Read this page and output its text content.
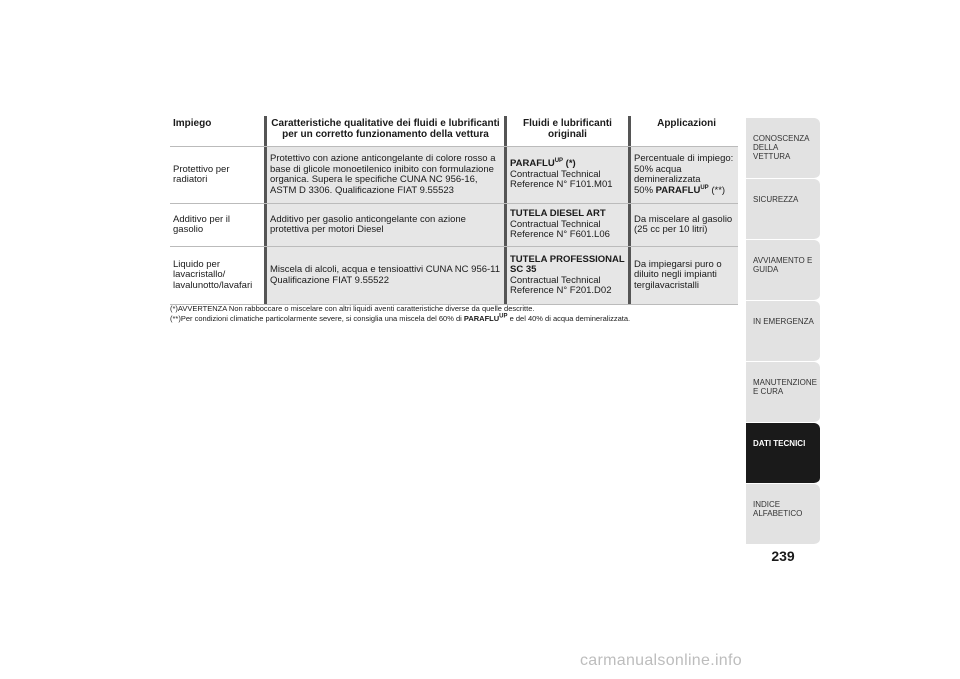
Impiego	Caratteristiche qualitative dei fluidi e lubrificanti per un corretto funzionamento della vettura
Fluidi e lubrificanti originali
Applicazioni
Protettivo per radiatori
Protettivo con azione anticongelante di colore rosso a base di glicole monoetilenico inibito con formulazione organica. Supera le specifiche CUNA NC 956-16, ASTM D 3306. Qualificazione FIAT 9.55523
$PARAFLU^{UP}$ (*)
Contractual Technical
Reference N° F101.M01
Percentuale di impiego:
50% acqua demineralizzata
50% $PARAFLU^{UP}$ (**)
Additivo per il gasolio
Additivo per gasolio anticongelante con azione protettiva per motori Diesel
TUTELA DIESEL ART
Contractual Technical
Reference N° F601.L06
Da miscelare al gasolio
(25 cc per 10 litri)
Liquido per lavacristallo/ lavalunotto/lavafari
Miscela di alcoli, acqua e tensioattivi CUNA NC 956-11 Qualificazione FIAT 9.55522
TUTELA PROFESSIONAL SC 35
Contractual Technical
Reference N° F201.D02
Da impiegarsi puro o diluito negli impianti tergilavacristalli
(*)AVVERTENZA Non rabboccare o miscelare con altri liquidi aventi caratteristiche diverse da quelle descritte.
(**)Per condizioni climatiche particolarmente severe, si consiglia una miscela del 60% di $PARAFLU^{UP}$ e del 40% di acqua demineralizzata.
CONOSCENZA DELLA VETTURA
SICUREZZA
AVVIAMENTO E GUIDA
IN EMERGENZA
MANUTENZIONE E CURA
DATI TECNICI
INDICE ALFABETICO
239
carmanualsonline.info
